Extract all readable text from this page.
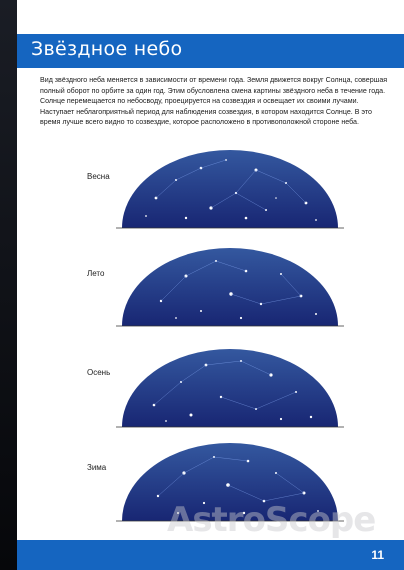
Звёздное небо

Вид звёздного неба меняется в зависимости от времени года. Земля движется вокруг Солнца, совершая полный оборот по орбите за один год. Этим обусловлена смена картины звёздного неба в течение года. Солнце перемещается по небосводу, проецируется на созвездия и освещает их своими лучами. Наступает неблагоприятный период для наблюдения созвездия, в котором находится Солнце. В это время лучше всего видно то созвездие, которое расположено в противоположной стороне неба.

Весна
Лето
Осень
Зима
AstroScope
11
